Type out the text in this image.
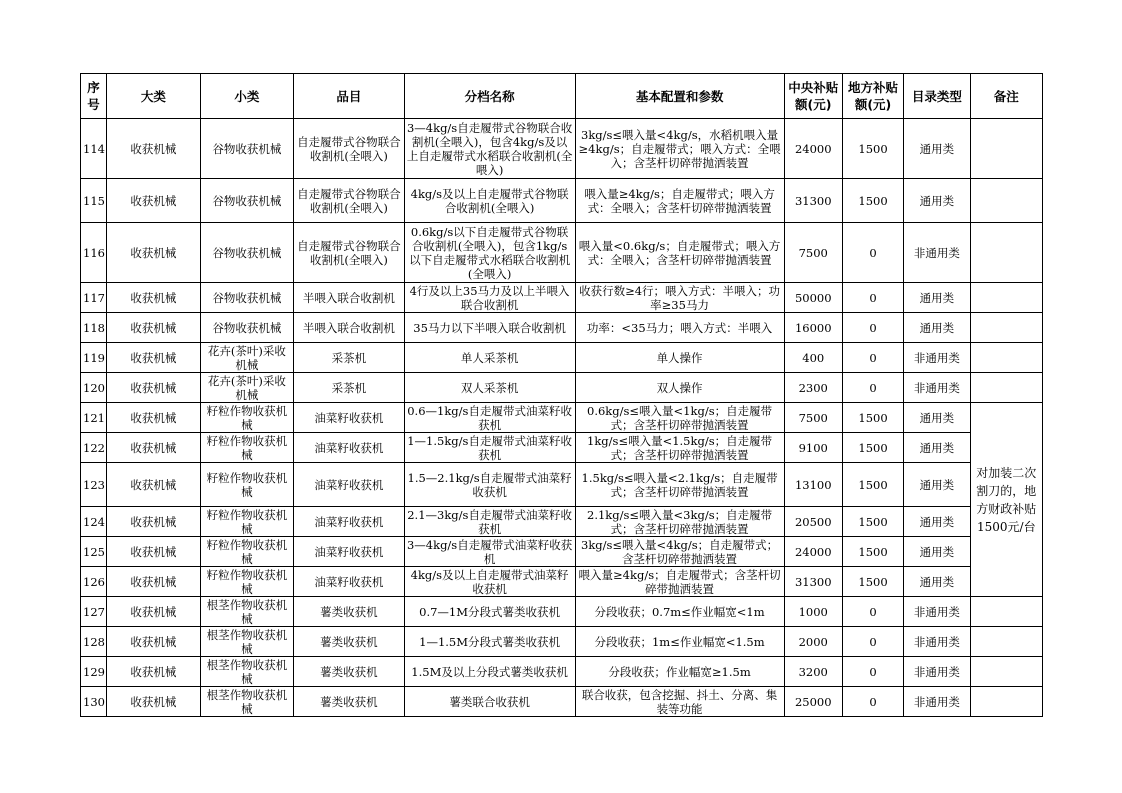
序号	大类	小类	品目	分档名称	基本配置和参数	中央补贴额(元)	地方补贴额(元)	目录类型	备注
114	收获机械	谷物收获机械	自走履带式谷物联合收割机(全喂入)	3—4kg/s自走履带式谷物联合收割机(全喂入)，包含4kg/s及以上自走履带式水稻联合收割机(全喂入)	3kg/s≤喂入量<4kg/s，水稻机喂入量≥4kg/s；自走履带式；喂入方式：全喂入；含茎杆切碎带抛洒装置	24000	1500	通用类	
115	收获机械	谷物收获机械	自走履带式谷物联合收割机(全喂入)	4kg/s及以上自走履带式谷物联合收割机(全喂入)	喂入量≥4kg/s；自走履带式；喂入方式：全喂入；含茎杆切碎带抛洒装置	31300	1500	通用类	
116	收获机械	谷物收获机械	自走履带式谷物联合收割机(全喂入)	0.6kg/s以下自走履带式谷物联合收割机(全喂入)，包含1kg/s以下自走履带式水稻联合收割机(全喂入)	喂入量<0.6kg/s；自走履带式；喂入方式：全喂入；含茎杆切碎带抛洒装置	7500	0	非通用类	
117	收获机械	谷物收获机械	半喂入联合收割机	4行及以上35马力及以上半喂入联合收割机	收获行数≥4行；喂入方式：半喂入；功率≥35马力	50000	0	通用类	
118	收获机械	谷物收获机械	半喂入联合收割机	35马力以下半喂入联合收割机	功率：<35马力；喂入方式：半喂入	16000	0	通用类	
119	收获机械	花卉(茶叶)采收机械	采茶机	单人采茶机	单人操作	400	0	非通用类	
120	收获机械	花卉(茶叶)采收机械	采茶机	双人采茶机	双人操作	2300	0	非通用类	
121	收获机械	籽粒作物收获机械	油菜籽收获机	0.6—1kg/s自走履带式油菜籽收获机	0.6kg/s≤喂入量<1kg/s；自走履带式；含茎杆切碎带抛洒装置	7500	1500	通用类	对加装二次割刀的，地方财政补贴1500元/台
122	收获机械	籽粒作物收获机械	油菜籽收获机	1—1.5kg/s自走履带式油菜籽收获机	1kg/s≤喂入量<1.5kg/s；自走履带式；含茎杆切碎带抛洒装置	9100	1500	通用类	
123	收获机械	籽粒作物收获机械	油菜籽收获机	1.5—2.1kg/s自走履带式油菜籽收获机	1.5kg/s≤喂入量<2.1kg/s；自走履带式；含茎杆切碎带抛洒装置	13100	1500	通用类	
124	收获机械	籽粒作物收获机械	油菜籽收获机	2.1—3kg/s自走履带式油菜籽收获机	2.1kg/s≤喂入量<3kg/s；自走履带式；含茎杆切碎带抛洒装置	20500	1500	通用类	
125	收获机械	籽粒作物收获机械	油菜籽收获机	3—4kg/s自走履带式油菜籽收获机	3kg/s≤喂入量<4kg/s；自走履带式；含茎杆切碎带抛洒装置	24000	1500	通用类	
126	收获机械	籽粒作物收获机械	油菜籽收获机	4kg/s及以上自走履带式油菜籽收获机	喂入量≥4kg/s；自走履带式；含茎杆切碎带抛洒装置	31300	1500	通用类	
127	收获机械	根茎作物收获机械	薯类收获机	0.7—1M分段式薯类收获机	分段收获；0.7m≤作业幅宽<1m	1000	0	非通用类	
128	收获机械	根茎作物收获机械	薯类收获机	1—1.5M分段式薯类收获机	分段收获；1m≤作业幅宽<1.5m	2000	0	非通用类	
129	收获机械	根茎作物收获机械	薯类收获机	1.5M及以上分段式薯类收获机	分段收获；作业幅宽≥1.5m	3200	0	非通用类	
130	收获机械	根茎作物收获机械	薯类收获机	薯类联合收获机	联合收获，包含挖掘、抖土、分离、集装等功能	25000	0	非通用类	
